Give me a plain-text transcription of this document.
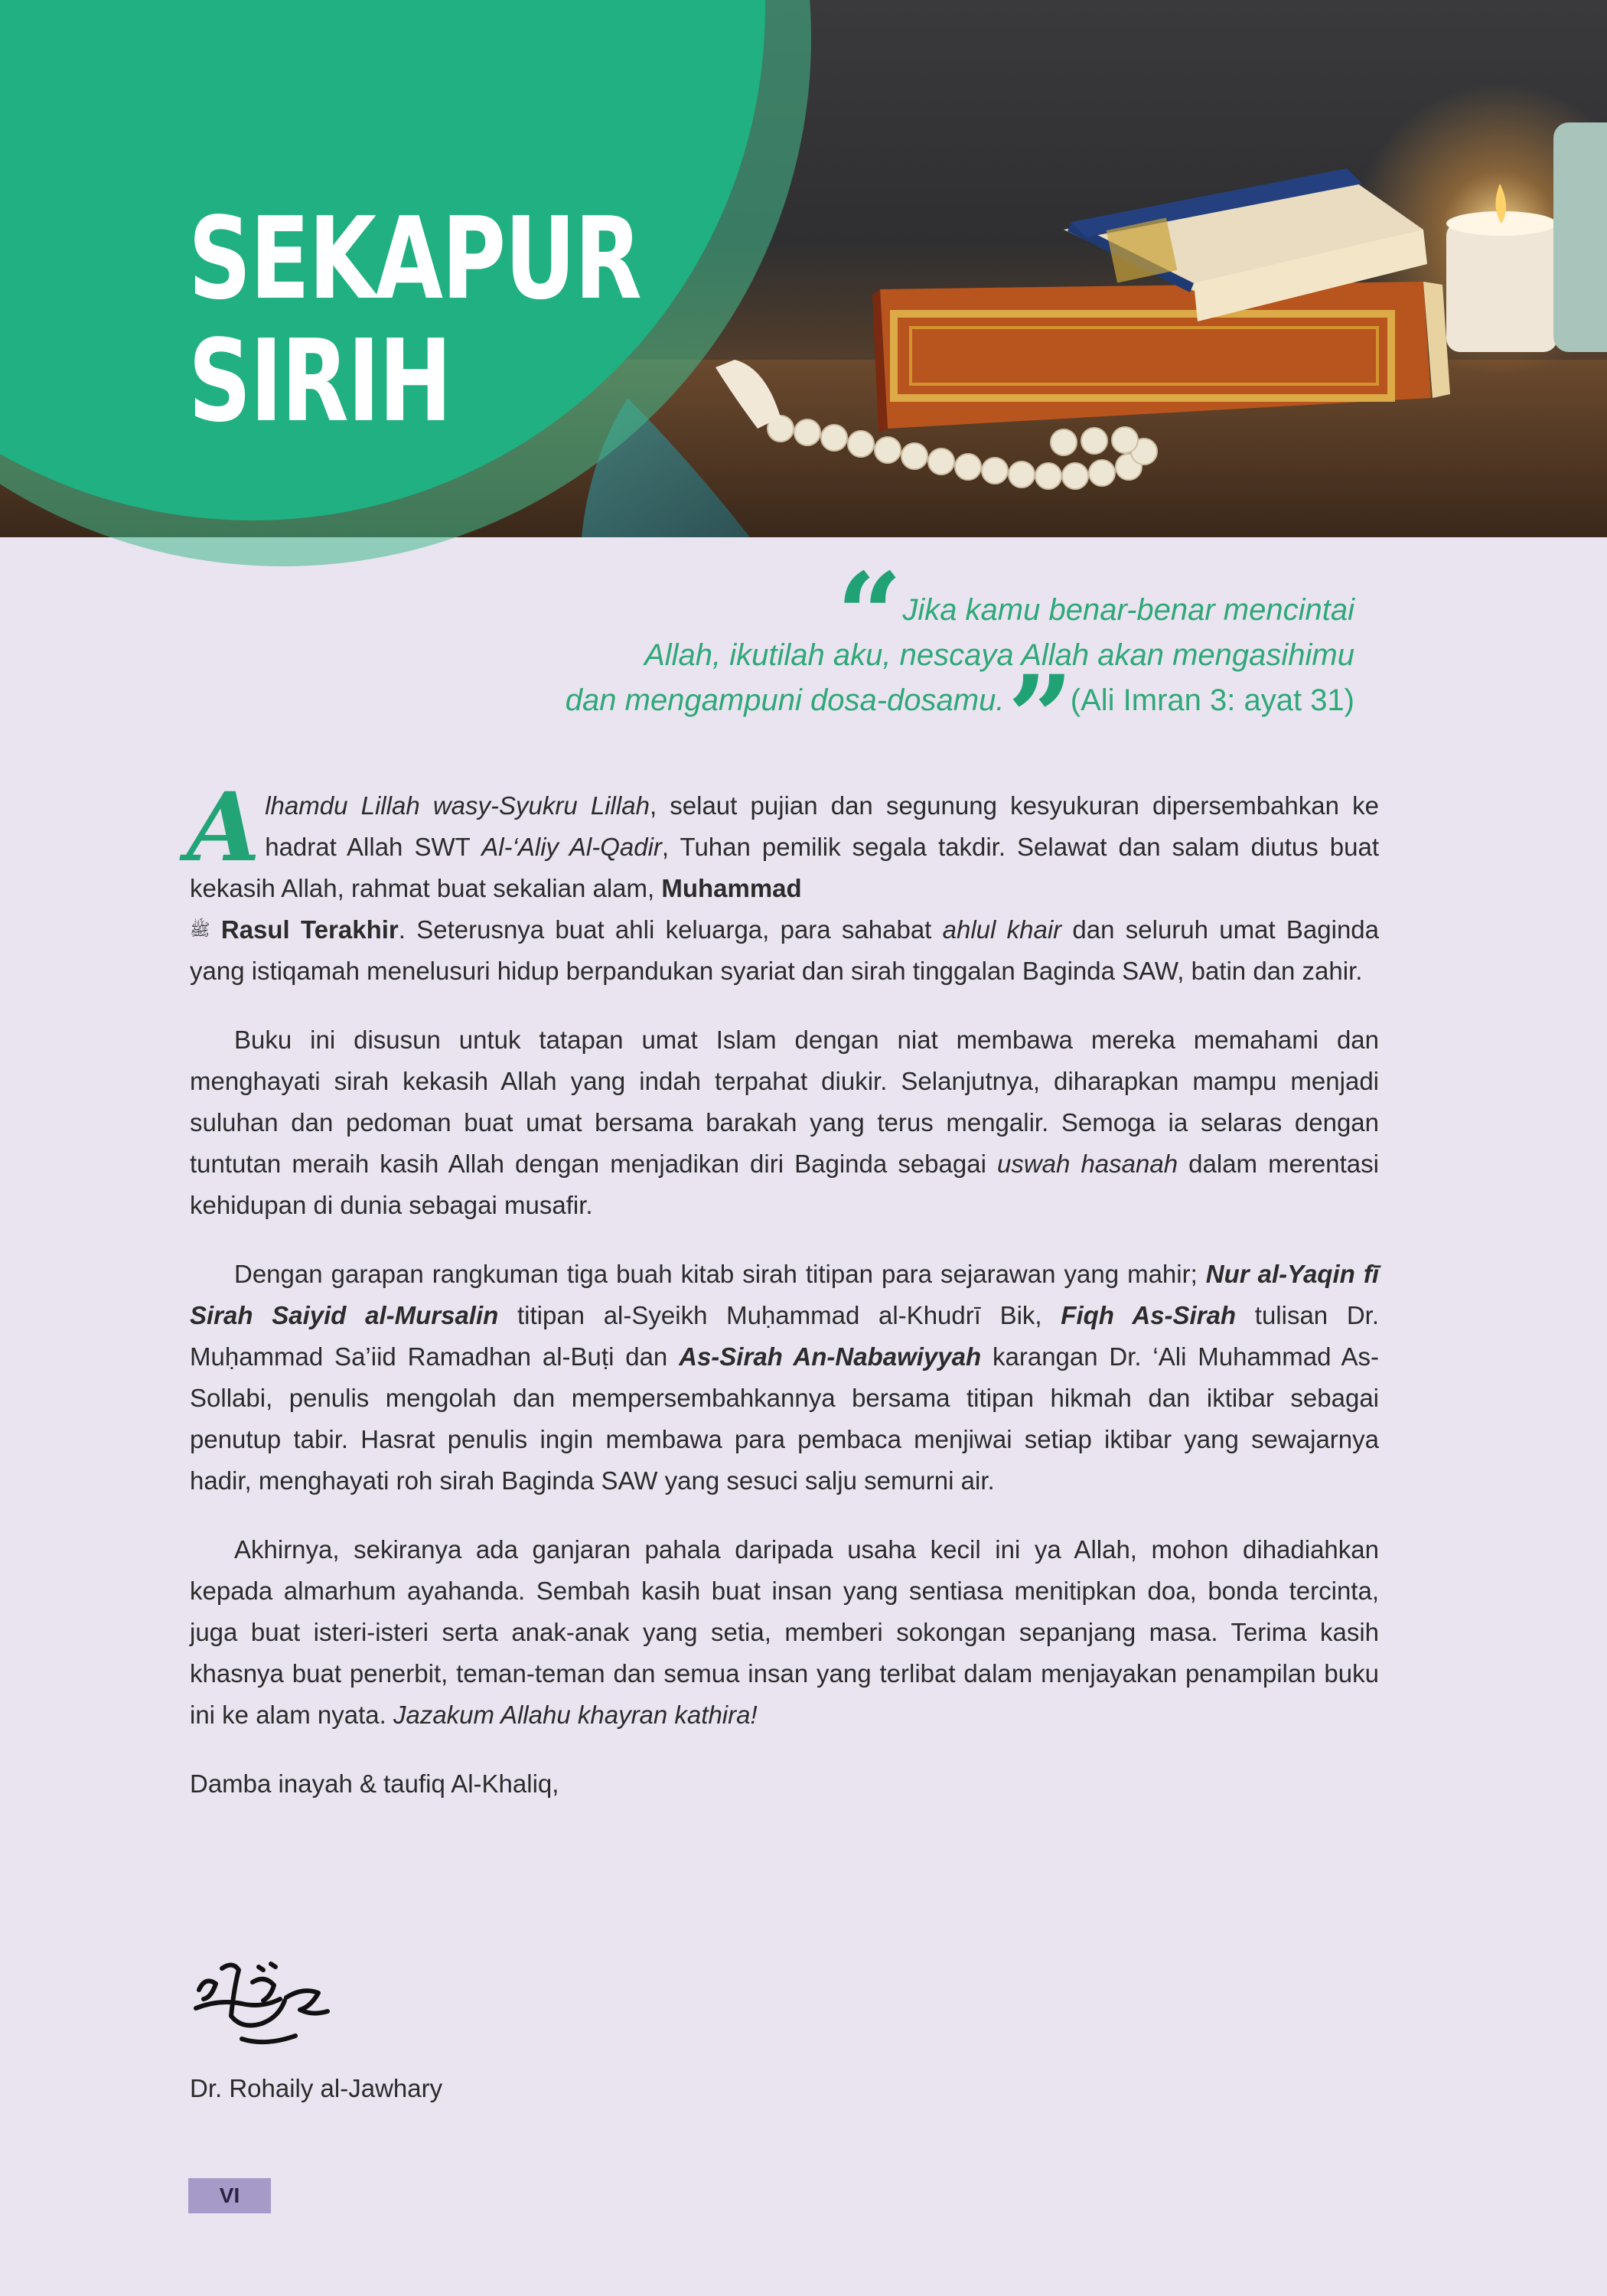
SEKAPUR
SIRIH
“ Jika kamu benar-benar mencintai
Allah, ikutilah aku, nescaya Allah akan mengasihimu
dan mengampuni dosa-dosamu.” (Ali Imran 3: ayat 31)

Alhamdu Lillah wasy-Syukru Lillah, selaut pujian dan segunung kesyukuran dipersembahkan ke hadrat Allah SWT Al-‘Aliy Al-Qadir, Tuhan pemilik segala takdir. Selawat dan salam diutus buat kekasih Allah, rahmat buat sekalian alam, Muhammad
ﷺ Rasul Terakhir. Seterusnya buat ahli keluarga, para sahabat ahlul khair dan seluruh umat Baginda yang istiqamah menelusuri hidup berpandukan syariat dan sirah tinggalan Baginda SAW, batin dan zahir.

Buku ini disusun untuk tatapan umat Islam dengan niat membawa mereka memahami dan menghayati sirah kekasih Allah yang indah terpahat diukir. Selanjutnya, diharapkan mampu menjadi suluhan dan pedoman buat umat bersama barakah yang terus mengalir. Semoga ia selaras dengan tuntutan meraih kasih Allah dengan menjadikan diri Baginda sebagai uswah hasanah dalam merentasi kehidupan di dunia sebagai musafir.

Dengan garapan rangkuman tiga buah kitab sirah titipan para sejarawan yang mahir; Nur al-Yaqin fī Sirah Saiyid al-Mursalin titipan al-Syeikh Muḥammad al-Khudrī Bik, Fiqh As-Sirah tulisan Dr. Muḥammad Sa’iid Ramadhan al-Buṭi dan As-Sirah An-Nabawiyyah karangan Dr. ‘Ali Muhammad As-Sollabi, penulis mengolah dan mempersembahkannya bersama titipan hikmah dan iktibar sebagai penutup tabir. Hasrat penulis ingin membawa para pembaca menjiwai setiap iktibar yang sewajarnya hadir, menghayati roh sirah Baginda SAW yang sesuci salju semurni air.

Akhirnya, sekiranya ada ganjaran pahala daripada usaha kecil ini ya Allah, mohon dihadiahkan kepada almarhum ayahanda. Sembah kasih buat insan yang sentiasa menitipkan doa, bonda tercinta, juga buat isteri-isteri serta anak-anak yang setia, memberi sokongan sepanjang masa. Terima kasih khasnya buat penerbit, teman-teman dan semua insan yang terlibat dalam menjayakan penampilan buku ini ke alam nyata. Jazakum Allahu khayran kathira!

Damba inayah & taufiq Al-Khaliq,

Dr. Rohaily al-Jawhary
VI
